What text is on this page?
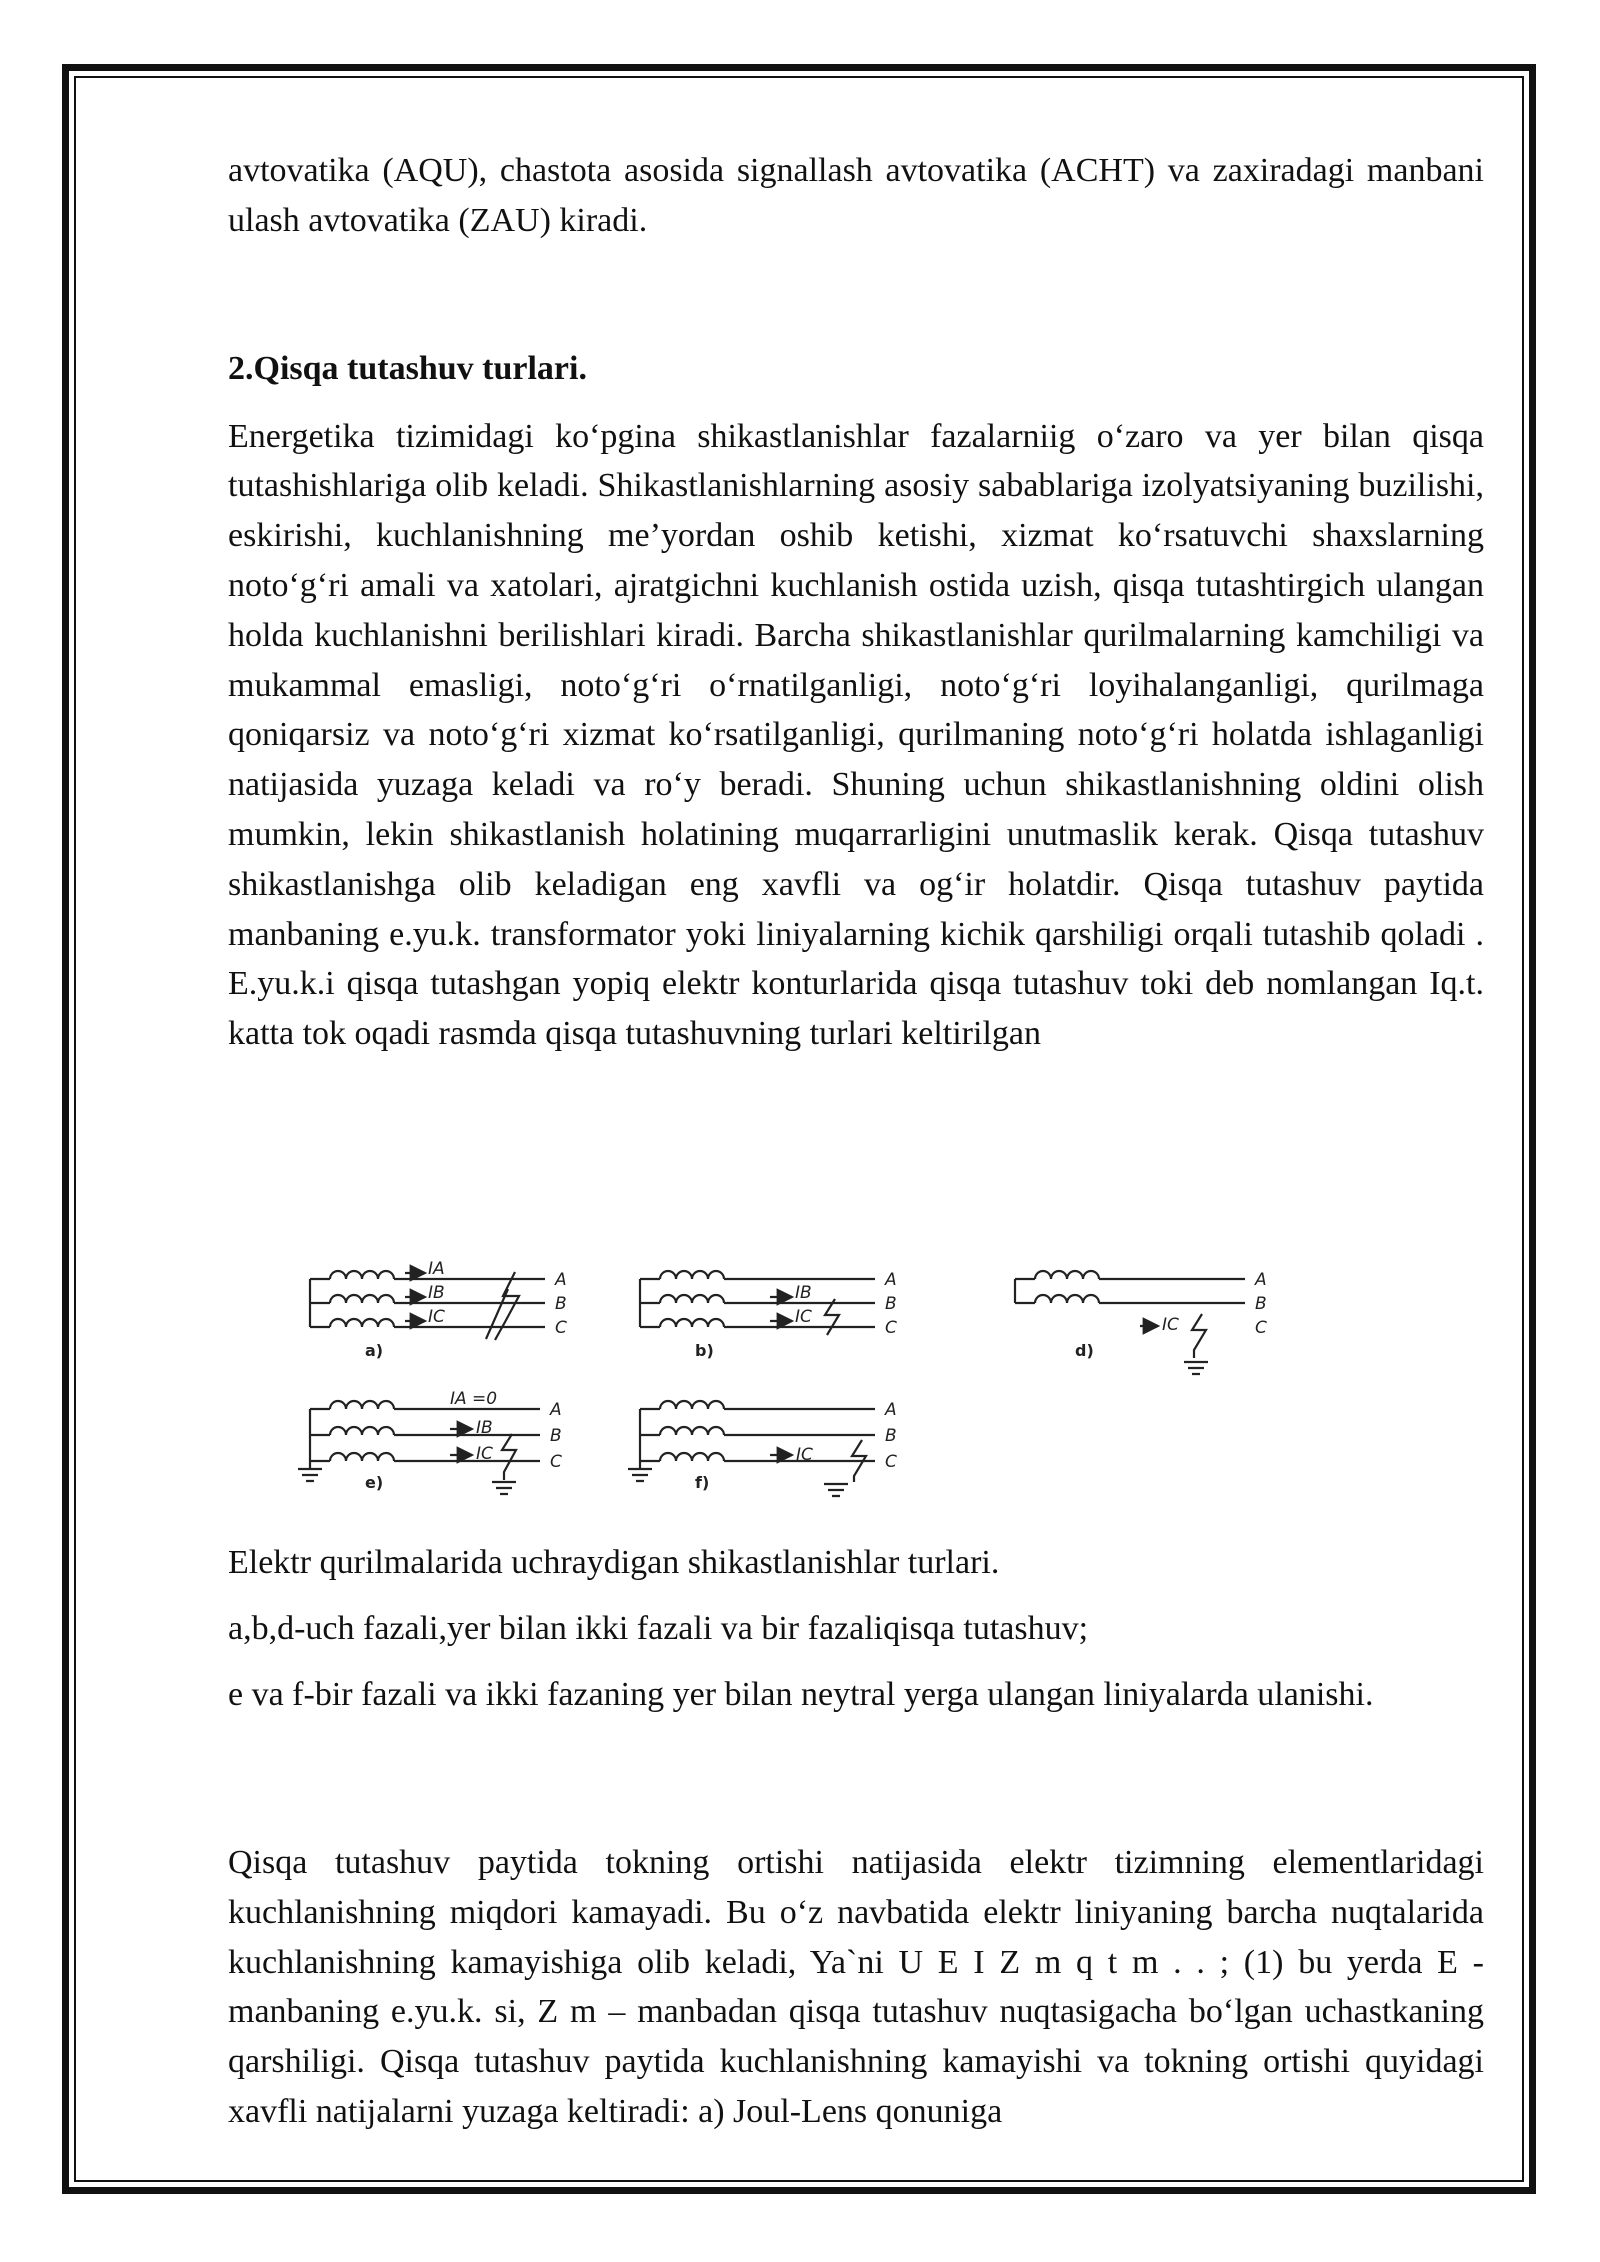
avtovatika (AQU), chastota asosida signallash avtovatika (ACHT) va zaxiradagi manbani ulash avtovatika (ZAU) kiradi.

2.Qisqa tutashuv turlari.

Energetika tizimidagi ko‘pgina shikastlanishlar fazalarniig o‘zaro va yer bilan qisqa tutashishlariga olib keladi. Shikastlanishlarning asosiy sabablariga izolyatsiyaning buzilishi, eskirishi, kuchlanishning me’yordan oshib ketishi, xizmat ko‘rsatuvchi shaxslarning noto‘g‘ri amali va xatolari, ajratgichni kuchlanish ostida uzish, qisqa tutashtirgich ulangan holda kuchlanishni berilishlari kiradi. Barcha shikastlanishlar qurilmalarning kamchiligi va mukammal emasligi, noto‘g‘ri o‘rnatilganligi, noto‘g‘ri loyihalanganligi, qurilmaga qoniqarsiz va noto‘g‘ri xizmat ko‘rsatilganligi, qurilmaning noto‘g‘ri holatda ishlaganligi natijasida yuzaga keladi va ro‘y beradi. Shuning uchun shikastlanishning oldini olish mumkin, lekin shikastlanish holatining muqarrarligini unutmaslik kerak. Qisqa tutashuv shikastlanishga olib keladigan eng xavfli va og‘ir holatdir. Qisqa tutashuv paytida manbaning e.yu.k. transformator yoki liniyalarning kichik qarshiligi orqali tutashib qoladi . E.yu.k.i qisqa tutashgan yopiq elektr konturlarida qisqa tutashuv toki deb nomlangan Iq.t. katta tok oqadi rasmda qisqa tutashuvning turlari keltirilgan

IA
IB
IC
A
B
C
IB
IC
A
B
C	IC
A
B
C
IA =0
IB
IC
A
B
C	IC
A
B
C
a)	b)	d)
e)	f)

Elektr qurilmalarida uchraydigan shikastlanishlar turlari.

a,b,d-uch fazali,yer bilan ikki fazali va bir fazaliqisqa tutashuv;

e va f-bir fazali va ikki fazaning yer bilan neytral yerga ulangan liniyalarda ulanishi.

Qisqa tutashuv paytida tokning ortishi natijasida elektr tizimning elementlaridagi kuchlanishning miqdori kamayadi. Bu o‘z navbatida elektr liniyaning barcha nuqtalarida kuchlanishning kamayishiga olib keladi, Ya`ni U E I Z m q t m . . ; (1) bu yerda E - manbaning e.yu.k. si, Z m – manbadan qisqa tutashuv nuqtasigacha bo‘lgan uchastkaning qarshiligi. Qisqa tutashuv paytida kuchlanishning kamayishi va tokning ortishi quyidagi xavfli natijalarni yuzaga keltiradi: a) Joul-Lens qonuniga
